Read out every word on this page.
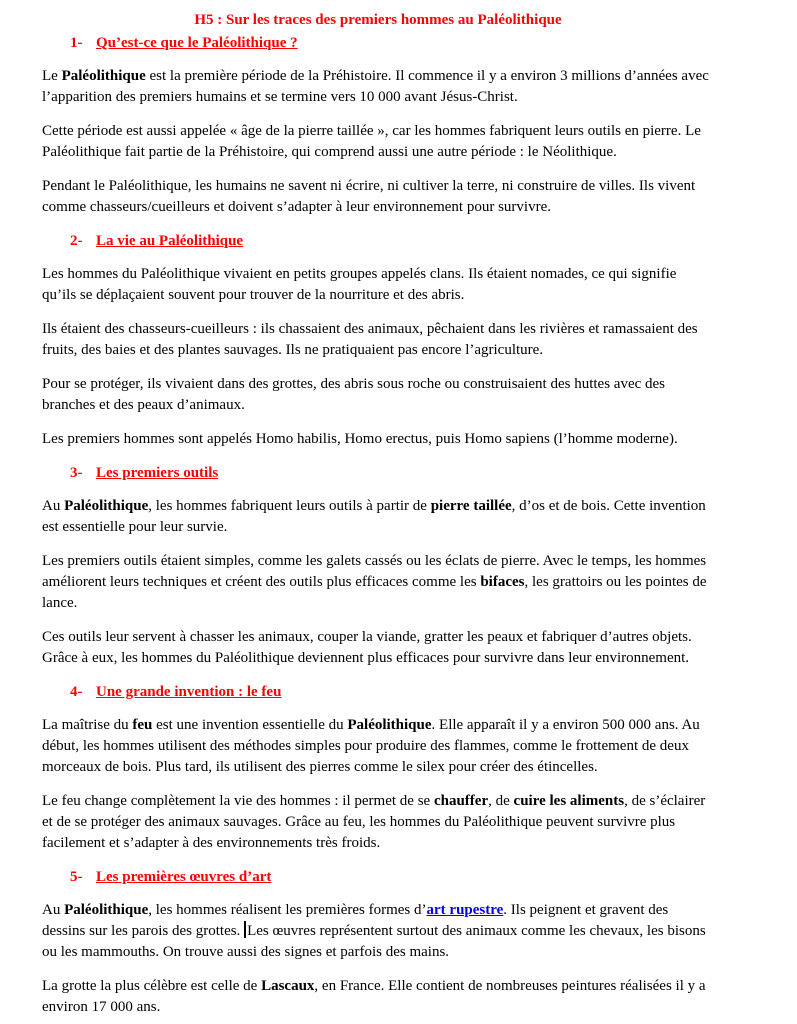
H5 : Sur les traces des premiers hommes au Paléolithique
1- Qu’est-ce que le Paléolithique ?

Le Paléolithique est la première période de la Préhistoire. Il commence il y a environ 3 millions d’années avec l’apparition des premiers humains et se termine vers 10 000 avant Jésus-Christ.

Cette période est aussi appelée « âge de la pierre taillée », car les hommes fabriquent leurs outils en pierre. Le Paléolithique fait partie de la Préhistoire, qui comprend aussi une autre période : le Néolithique.

Pendant le Paléolithique, les humains ne savent ni écrire, ni cultiver la terre, ni construire de villes. Ils vivent comme chasseurs/cueilleurs et doivent s’adapter à leur environnement pour survivre.

2- La vie au Paléolithique

Les hommes du Paléolithique vivaient en petits groupes appelés clans. Ils étaient nomades, ce qui signifie qu’ils se déplaçaient souvent pour trouver de la nourriture et des abris.

Ils étaient des chasseurs-cueilleurs : ils chassaient des animaux, pêchaient dans les rivières et ramassaient des fruits, des baies et des plantes sauvages. Ils ne pratiquaient pas encore l’agriculture.

Pour se protéger, ils vivaient dans des grottes, des abris sous roche ou construisaient des huttes avec des branches et des peaux d’animaux.

Les premiers hommes sont appelés Homo habilis, Homo erectus, puis Homo sapiens (l’homme moderne).

3- Les premiers outils

Au Paléolithique, les hommes fabriquent leurs outils à partir de pierre taillée, d’os et de bois. Cette invention est essentielle pour leur survie.

Les premiers outils étaient simples, comme les galets cassés ou les éclats de pierre. Avec le temps, les hommes améliorent leurs techniques et créent des outils plus efficaces comme les bifaces, les grattoirs ou les pointes de lance.

Ces outils leur servent à chasser les animaux, couper la viande, gratter les peaux et fabriquer d’autres objets. Grâce à eux, les hommes du Paléolithique deviennent plus efficaces pour survivre dans leur environnement.

4- Une grande invention : le feu

La maîtrise du feu est une invention essentielle du Paléolithique. Elle apparaît il y a environ 500 000 ans. Au début, les hommes utilisent des méthodes simples pour produire des flammes, comme le frottement de deux morceaux de bois. Plus tard, ils utilisent des pierres comme le silex pour créer des étincelles.

Le feu change complètement la vie des hommes : il permet de se chauffer, de cuire les aliments, de s’éclairer et de se protéger des animaux sauvages. Grâce au feu, les hommes du Paléolithique peuvent survivre plus facilement et s’adapter à des environnements très froids.

5- Les premières œuvres d’art

Au Paléolithique, les hommes réalisent les premières formes d’art rupestre. Ils peignent et gravent des dessins sur les parois des grottes. Les œuvres représentent surtout des animaux comme les chevaux, les bisons ou les mammouths. On trouve aussi des signes et parfois des mains.

La grotte la plus célèbre est celle de Lascaux, en France. Elle contient de nombreuses peintures réalisées il y a environ 17 000 ans.
